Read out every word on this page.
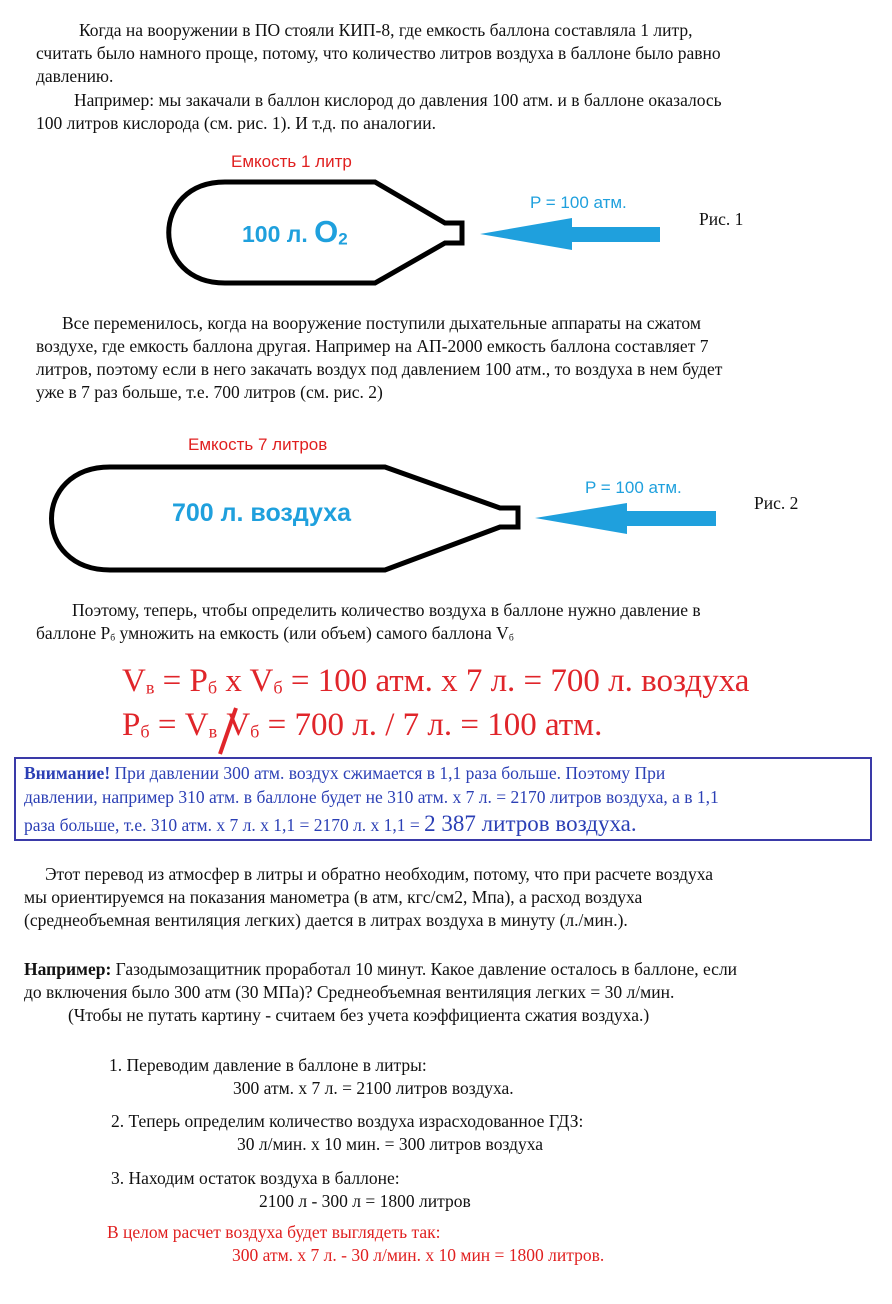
Когда на вооружении в ПО стояли КИП-8, где емкость баллона составляла 1 литр,
считать было намного проще, потому, что количество литров воздуха в баллоне было равно
давлению.
Например: мы закачали в баллон кислород до давления 100 атм. и в баллоне оказалось
100 литров кислорода (см. рис. 1). И т.д. по аналогии.
Емкость 1 литр
100 л. $O_2$
P = 100 атм.
Рис. 1
Все переменилось, когда на вооружение поступили дыхательные аппараты на сжатом
воздухе, где емкость баллона другая. Например на АП-2000 емкость баллона составляет 7
литров, поэтому если в него закачать воздух под давлением 100 атм., то воздуха в нем будет
уже в 7 раз больше, т.е. 700 литров (см. рис. 2)
Емкость 7 литров
700 л. воздуха
P = 100 атм.
Рис. 2
Поэтому, теперь, чтобы определить количество воздуха в баллоне нужно давление в
баллоне $P_б$ умножить на емкость (или объем) самого баллона $V_б$
$V_в = P_б$ x $V_б = 100$ атм. x 7 л. = 700 л. воздуха
$P_б = V_в$ $V_б = 700$ л. / 7 л. = 100 атм.
Внимание! При давлении 300 атм. воздух сжимается в 1,1 раза больше. Поэтому При
давлении, например 310 атм. в баллоне будет не 310 атм. x 7 л. = 2170 литров воздуха, а в 1,1
раза больше, т.е. 310 атм. x 7 л. x 1,1 = 2170 л. x 1,1 = 2 387 литров воздуха.
Этот перевод из атмосфер в литры и обратно необходим, потому, что при расчете воздуха
мы ориентируемся на показания манометра (в атм, кгс/см2, Мпа), а расход воздуха
(среднеобъемная вентиляция легких) дается в литрах воздуха в минуту (л./мин.).
Например: Газодымозащитник проработал 10 минут. Какое давление осталось в баллоне, если
до включения было 300 атм (30 МПа)? Среднеобъемная вентиляция легких = 30 л/мин.
(Чтобы не путать картину - считаем без учета коэффициента сжатия воздуха.)
1. Переводим давление в баллоне в литры:
300 атм. х 7 л. = 2100 литров воздуха.
2. Теперь определим количество воздуха израсходованное ГДЗ:
30 л/мин. х 10 мин. = 300 литров воздуха
3. Находим остаток воздуха в баллоне:
2100 л - 300 л = 1800 литров
В целом расчет воздуха будет выглядеть так:
300 атм. х 7 л. - 30 л/мин. х 10 мин = 1800 литров.
